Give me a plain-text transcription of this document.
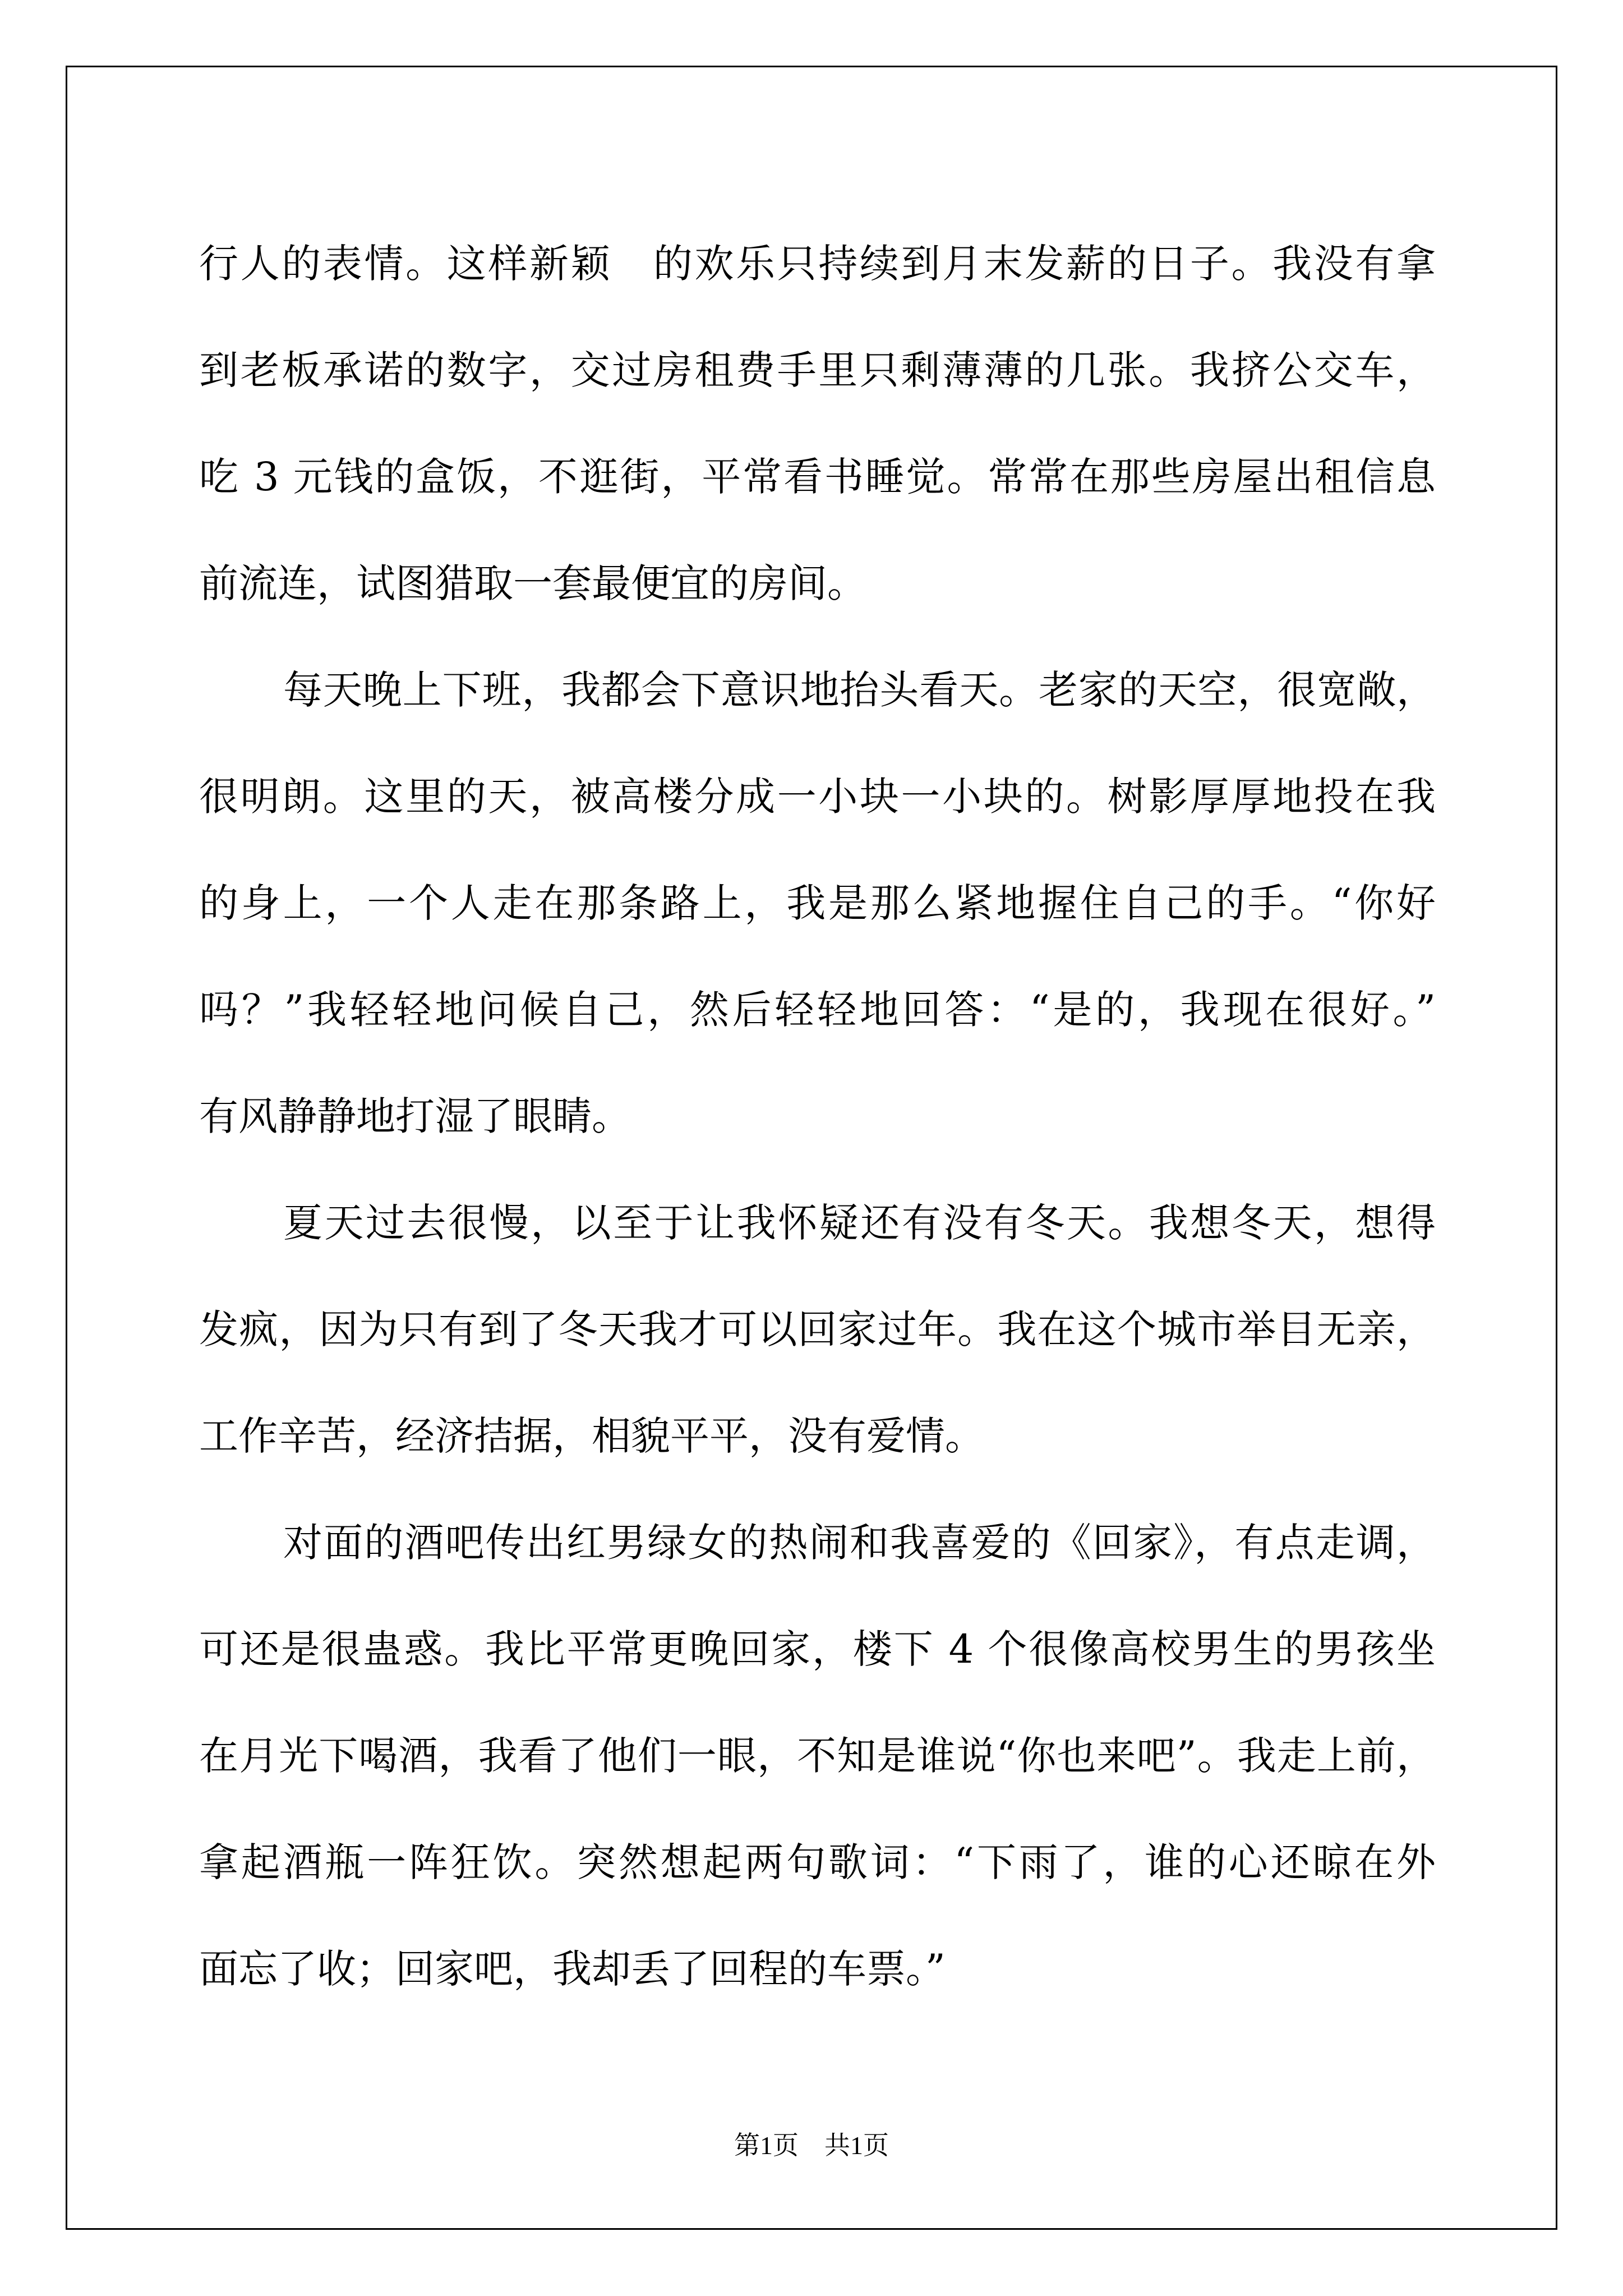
行人的表情。这样新颖　的欢乐只持续到月末发薪的日子。我没有拿
到老板承诺的数字，交过房租费手里只剩薄薄的几张。我挤公交车，
吃 3 元钱的盒饭，不逛街，平常看书睡觉。常常在那些房屋出租信息
前流连，试图猎取一套最便宜的房间。
每天晚上下班，我都会下意识地抬头看天。老家的天空，很宽敞，
很明朗。这里的天，被高楼分成一小块一小块的。树影厚厚地投在我
的身上，一个人走在那条路上，我是那么紧地握住自己的手。“你好
吗？”我轻轻地问候自己，然后轻轻地回答：“是的，我现在很好。”
有风静静地打湿了眼睛。
夏天过去很慢，以至于让我怀疑还有没有冬天。我想冬天，想得
发疯，因为只有到了冬天我才可以回家过年。我在这个城市举目无亲，
工作辛苦，经济拮据，相貌平平，没有爱情。
对面的酒吧传出红男绿女的热闹和我喜爱的《回家》，有点走调，
可还是很蛊惑。我比平常更晚回家，楼下 4 个很像高校男生的男孩坐
在月光下喝酒，我看了他们一眼，不知是谁说“你也来吧”。我走上前，
拿起酒瓶一阵狂饮。突然想起两句歌词：“下雨了，谁的心还晾在外
面忘了收；回家吧，我却丢了回程的车票。”
第1页　共1页
